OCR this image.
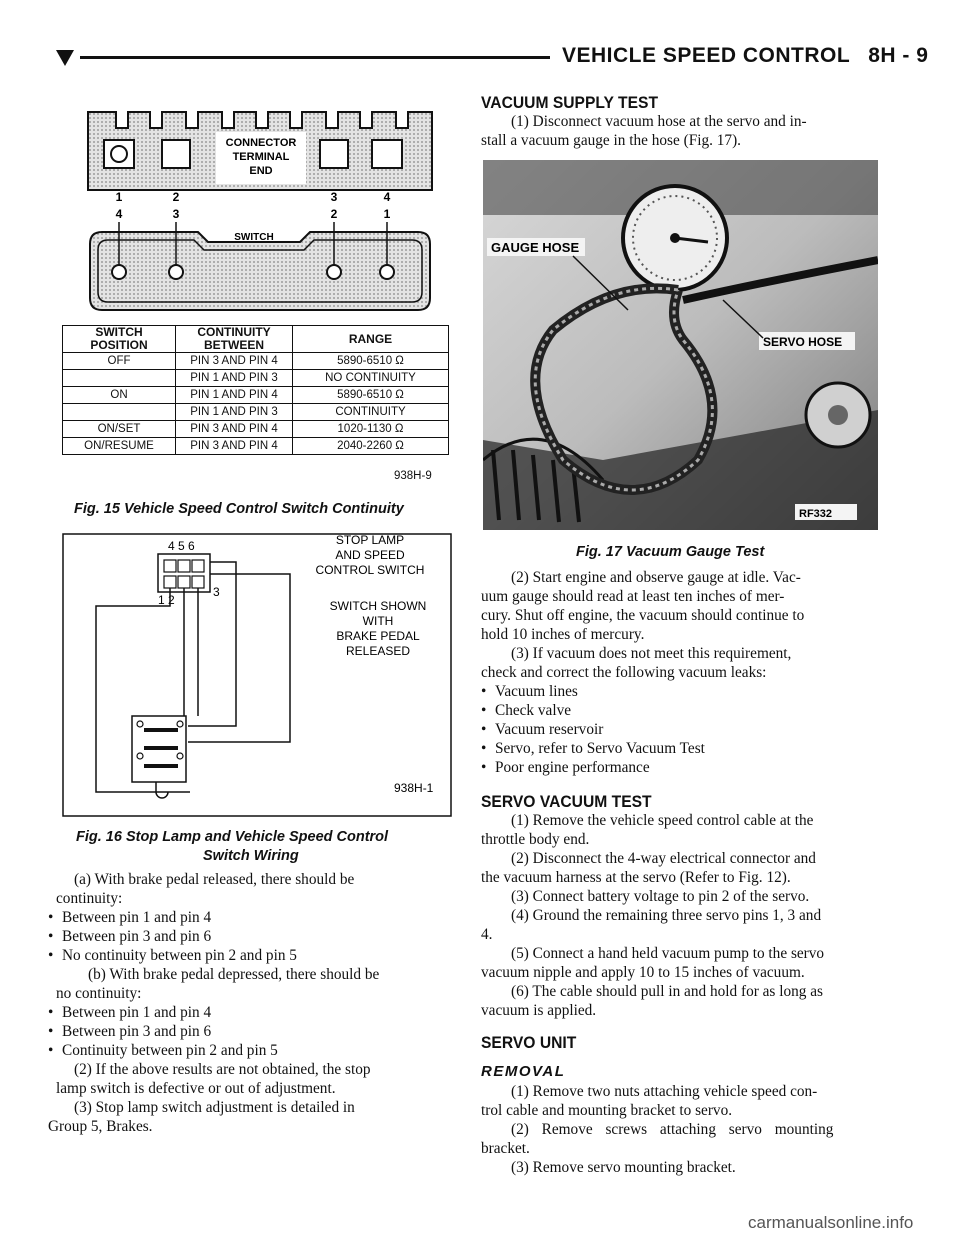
VEHICLE SPEED CONTROL 8H - 9
CONNECTOR
TERMINAL
END
1	2	3	4
4	3	2	1
SWITCH
SWITCH POSITION	CONTINUITY BETWEEN	RANGE
OFF	PIN 3 AND PIN 4	5890-6510 Ω
	PIN 1 AND PIN 3	NO CONTINUITY
ON	PIN 1 AND PIN 4	5890-6510 Ω
	PIN 1 AND PIN 3	CONTINUITY
ON/SET	PIN 3 AND PIN 4	1020-1130 Ω
ON/RESUME	PIN 3 AND PIN 4	2040-2260 Ω
938H-9
Fig. 15 Vehicle Speed Control Switch Continuity
4 5 6
1 2
3
STOP LAMP
AND SPEED
CONTROL SWITCH
SWITCH SHOWN
WITH
BRAKE PEDAL
RELEASED
938H-1
Fig. 16 Stop Lamp and Vehicle Speed Control
Switch Wiring

(a) With brake pedal released, there should be

continuity:

• Between pin 1 and pin 4

• Between pin 3 and pin 6

• No continuity between pin 2 and pin 5

(b) With brake pedal depressed, there should be

no continuity:

• Between pin 1 and pin 4

• Between pin 3 and pin 6

• Continuity between pin 2 and pin 5

(2) If the above results are not obtained, the stop

lamp switch is defective or out of adjustment.

(3) Stop lamp switch adjustment is detailed in

Group 5, Brakes.

VACUUM SUPPLY TEST

(1) Disconnect vacuum hose at the servo and in-

stall a vacuum gauge in the hose (Fig. 17).

GAUGE HOSE
SERVO HOSE
RF332
Fig. 17 Vacuum Gauge Test

(2) Start engine and observe gauge at idle. Vac-

uum gauge should read at least ten inches of mer-

cury. Shut off engine, the vacuum should continue to

hold 10 inches of mercury.

(3) If vacuum does not meet this requirement,

check and correct the following vacuum leaks:

• Vacuum lines

• Check valve

• Vacuum reservoir

• Servo, refer to Servo Vacuum Test

• Poor engine performance

SERVO VACUUM TEST

(1) Remove the vehicle speed control cable at the

throttle body end.

(2) Disconnect the 4-way electrical connector and

the vacuum harness at the servo (Refer to Fig. 12).

(3) Connect battery voltage to pin 2 of the servo.

(4) Ground the remaining three servo pins 1, 3 and

4.

(5) Connect a hand held vacuum pump to the servo

vacuum nipple and apply 10 to 15 inches of vacuum.

(6) The cable should pull in and hold for as long as

vacuum is applied.

SERVO UNIT
REMOVAL

(1) Remove two nuts attaching vehicle speed con-

trol cable and mounting bracket to servo.

(2) Remove screws attaching servo mounting

bracket.

(3) Remove servo mounting bracket.

carmanualsonline.info
